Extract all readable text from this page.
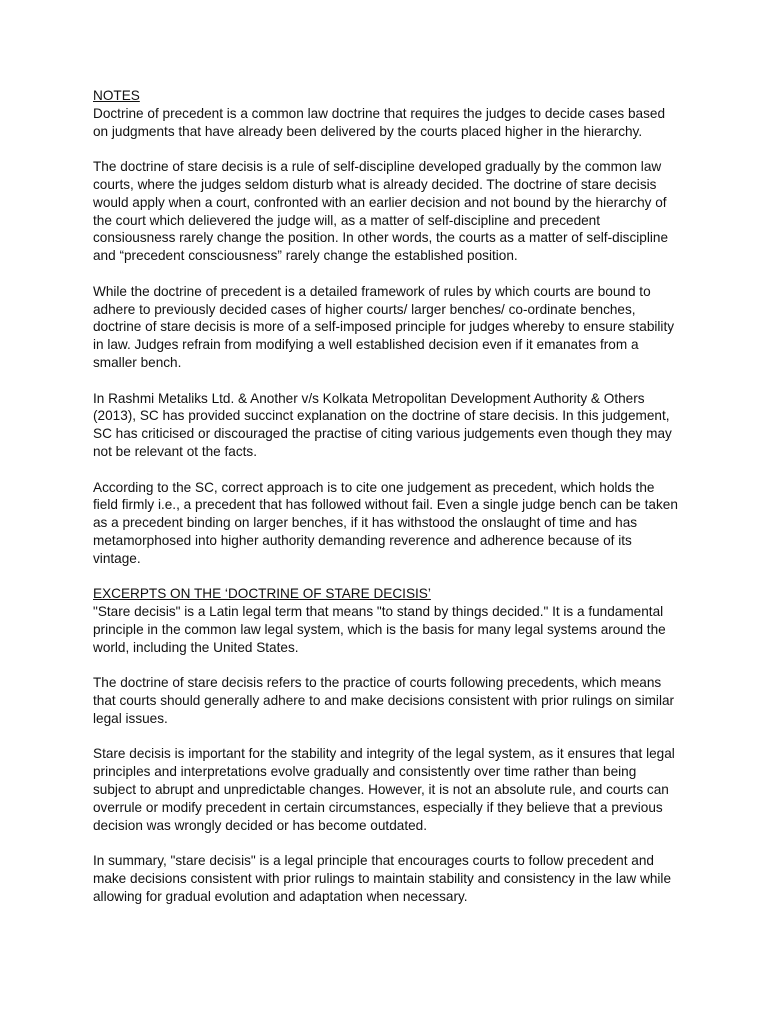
NOTES

Doctrine of precedent is a common law doctrine that requires the judges to decide cases based on judgments that have already been delivered by the courts placed higher in the hierarchy.

The doctrine of stare decisis is a rule of self-discipline developed gradually by the common law courts, where the judges seldom disturb what is already decided. The doctrine of stare decisis would apply when a court, confronted with an earlier decision and not bound by the hierarchy of the court which delievered the judge will, as a matter of self-discipline and precedent consiousness rarely change the position. In other words, the courts as a matter of self-discipline and “precedent consciousness” rarely change the established position.

While the doctrine of precedent is a detailed framework of rules by which courts are bound to adhere to previously decided cases of higher courts/ larger benches/ co-ordinate benches, doctrine of stare decisis is more of a self-imposed principle for judges whereby to ensure stability in law. Judges refrain from modifying a well established decision even if it emanates from a smaller bench.

In Rashmi Metaliks Ltd. & Another v/s Kolkata Metropolitan Development Authority & Others (2013), SC has provided succinct explanation on the doctrine of stare decisis. In this judgement, SC has criticised or discouraged the practise of citing various judgements even though they may not be relevant ot the facts.

According to the SC, correct approach is to cite one judgement as precedent, which holds the field firmly i.e., a precedent that has followed without fail. Even a single judge bench can be taken as a precedent binding on larger benches, if it has withstood the onslaught of time and has metamorphosed into higher authority demanding reverence and adherence because of its vintage.

EXCERPTS ON THE ‘DOCTRINE OF STARE DECISIS’

"Stare decisis" is a Latin legal term that means "to stand by things decided." It is a fundamental principle in the common law legal system, which is the basis for many legal systems around the world, including the United States.

The doctrine of stare decisis refers to the practice of courts following precedents, which means that courts should generally adhere to and make decisions consistent with prior rulings on similar legal issues.

Stare decisis is important for the stability and integrity of the legal system, as it ensures that legal principles and interpretations evolve gradually and consistently over time rather than being subject to abrupt and unpredictable changes. However, it is not an absolute rule, and courts can overrule or modify precedent in certain circumstances, especially if they believe that a previous decision was wrongly decided or has become outdated.

In summary, "stare decisis" is a legal principle that encourages courts to follow precedent and make decisions consistent with prior rulings to maintain stability and consistency in the law while allowing for gradual evolution and adaptation when necessary.
